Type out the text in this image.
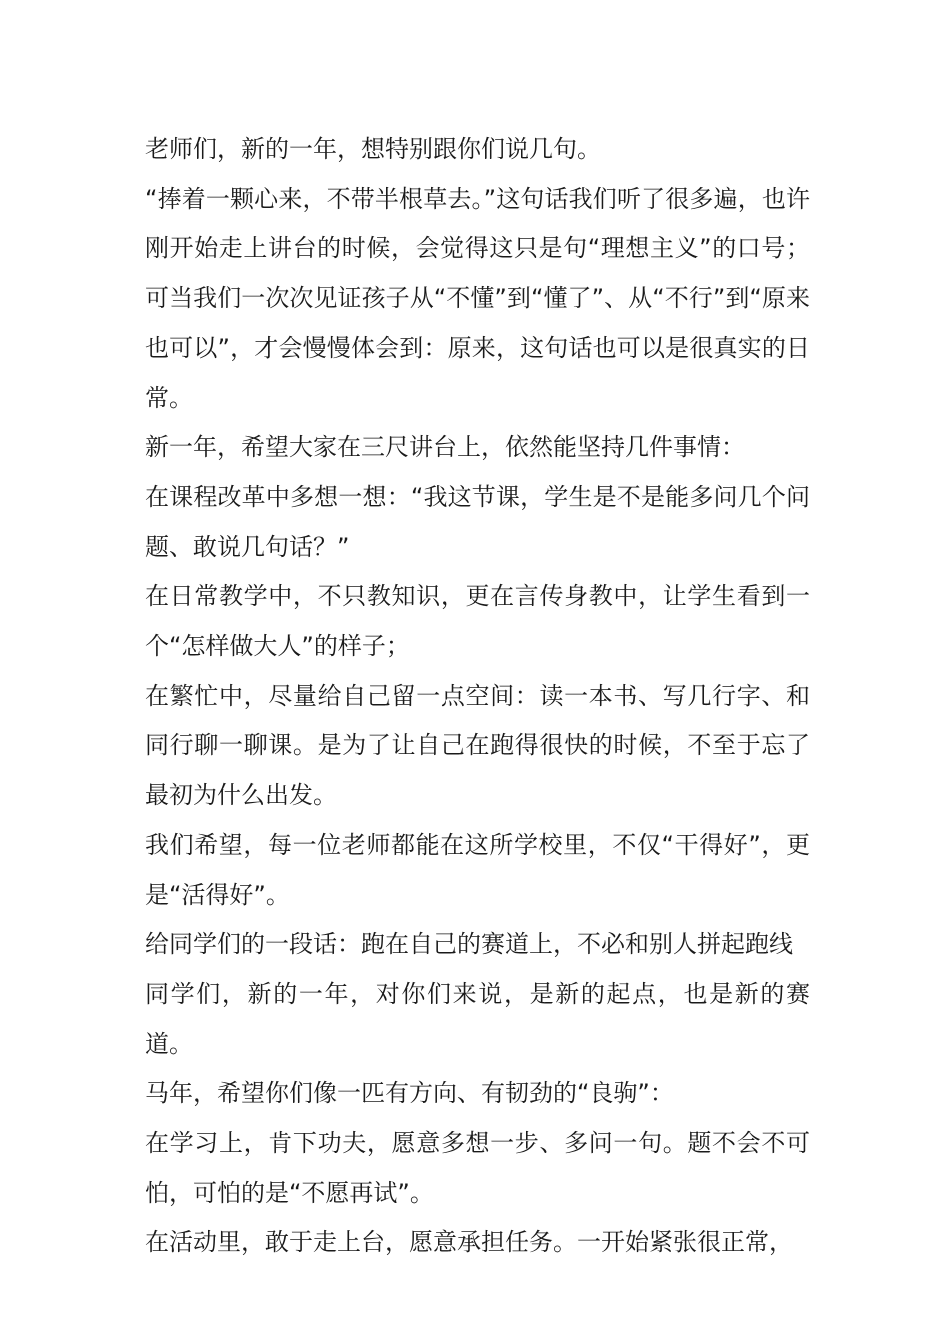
老师们，新的一年，想特别跟你们说几句。

“捧着一颗心来，不带半根草去。”这句话我们听了很多遍，也许刚开始走上讲台的时候，会觉得这只是句“理想主义”的口号；可当我们一次次见证孩子从“不懂”到“懂了”、从“不行”到“原来也可以”，才会慢慢体会到：原来，这句话也可以是很真实的日常。

新一年，希望大家在三尺讲台上，依然能坚持几件事情：

在课程改革中多想一想：“我这节课，学生是不是能多问几个问题、敢说几句话？”

在日常教学中，不只教知识，更在言传身教中，让学生看到一个“怎样做大人”的样子；

在繁忙中，尽量给自己留一点空间：读一本书、写几行字、和同行聊一聊课。是为了让自己在跑得很快的时候，不至于忘了最初为什么出发。

我们希望，每一位老师都能在这所学校里，不仅“干得好”，更是“活得好”。

给同学们的一段话：跑在自己的赛道上，不必和别人拼起跑线

同学们，新的一年，对你们来说，是新的起点，也是新的赛道。

马年，希望你们像一匹有方向、有韧劲的“良驹”：

在学习上，肯下功夫，愿意多想一步、多问一句。题不会不可怕，可怕的是“不愿再试”。

在活动里，敢于走上台，愿意承担任务。一开始紧张很正常，
